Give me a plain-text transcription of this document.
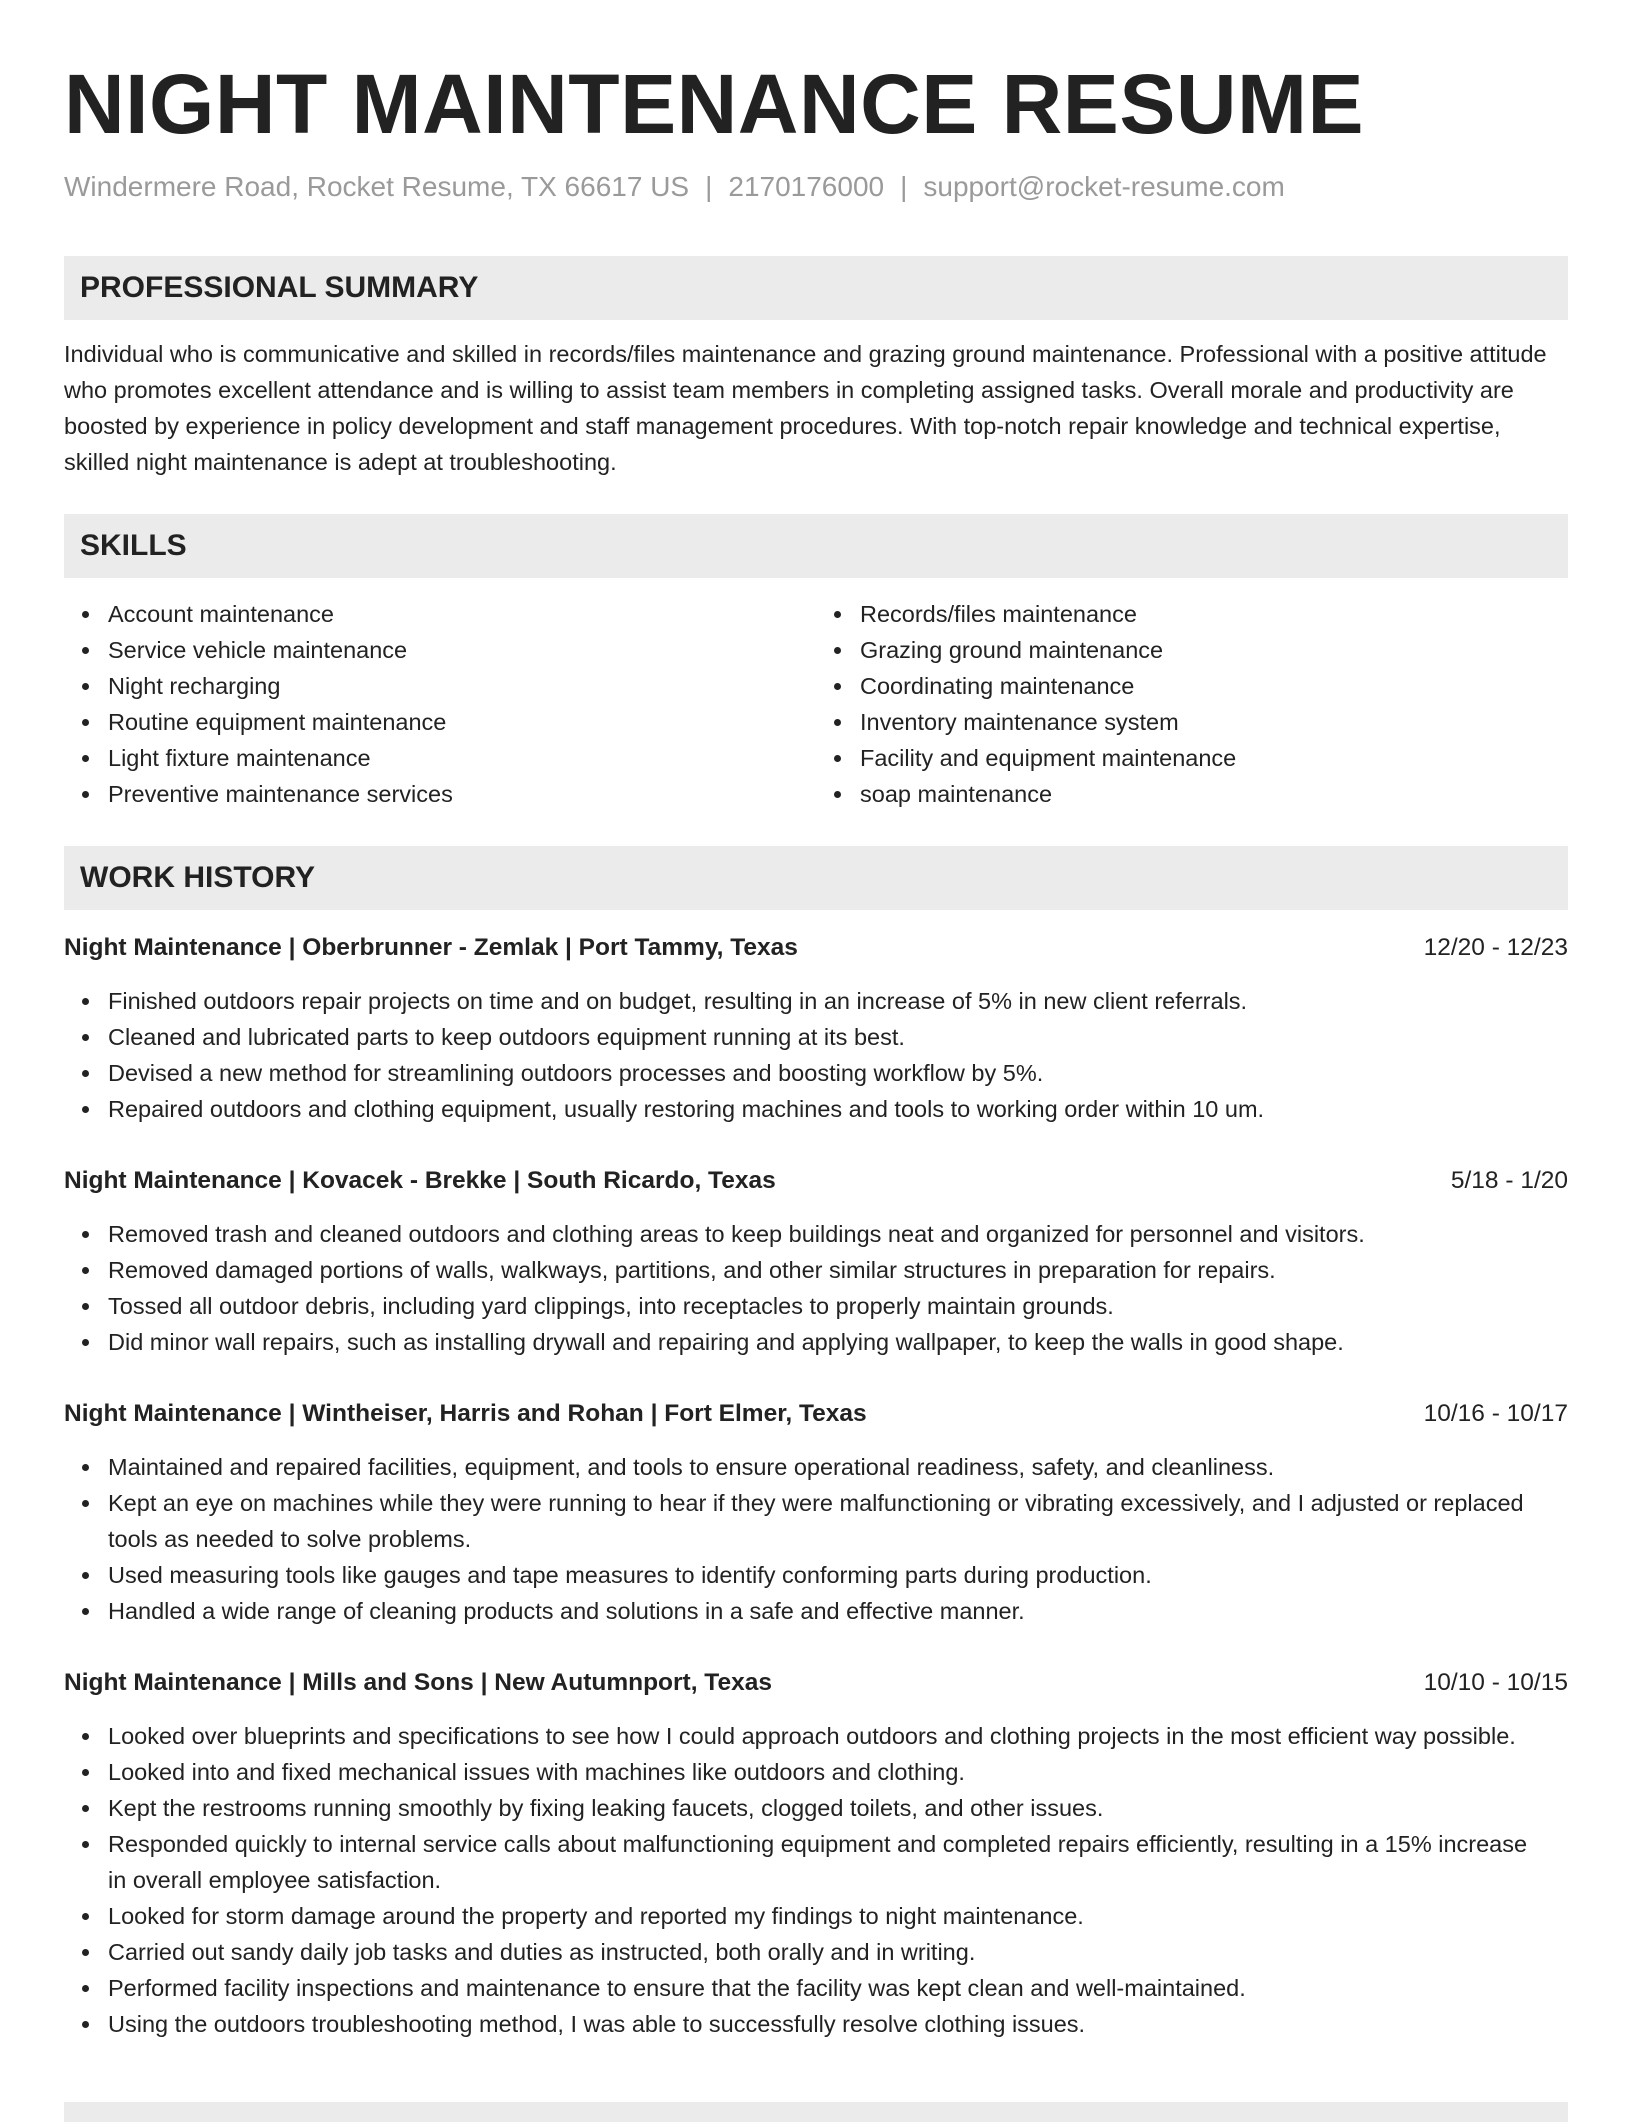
NIGHT MAINTENANCE RESUME
Windermere Road, Rocket Resume, TX 66617 US | 2170176000 | support@rocket-resume.com
PROFESSIONAL SUMMARY
Individual who is communicative and skilled in records/files maintenance and grazing ground maintenance. Professional with a positive attitude who promotes excellent attendance and is willing to assist team members in completing assigned tasks. Overall morale and productivity are boosted by experience in policy development and staff management procedures. With top-notch repair knowledge and technical expertise, skilled night maintenance is adept at troubleshooting.
SKILLS
Account maintenance
Service vehicle maintenance
Night recharging
Routine equipment maintenance
Light fixture maintenance
Preventive maintenance services
Records/files maintenance
Grazing ground maintenance
Coordinating maintenance
Inventory maintenance system
Facility and equipment maintenance
soap maintenance
WORK HISTORY
Night Maintenance | Oberbrunner - Zemlak | Port Tammy, Texas	12/20 - 12/23
Finished outdoors repair projects on time and on budget, resulting in an increase of 5% in new client referrals.
Cleaned and lubricated parts to keep outdoors equipment running at its best.
Devised a new method for streamlining outdoors processes and boosting workflow by 5%.
Repaired outdoors and clothing equipment, usually restoring machines and tools to working order within 10 um.
Night Maintenance | Kovacek - Brekke | South Ricardo, Texas	5/18 - 1/20
Removed trash and cleaned outdoors and clothing areas to keep buildings neat and organized for personnel and visitors.
Removed damaged portions of walls, walkways, partitions, and other similar structures in preparation for repairs.
Tossed all outdoor debris, including yard clippings, into receptacles to properly maintain grounds.
Did minor wall repairs, such as installing drywall and repairing and applying wallpaper, to keep the walls in good shape.
Night Maintenance | Wintheiser, Harris and Rohan | Fort Elmer, Texas	10/16 - 10/17
Maintained and repaired facilities, equipment, and tools to ensure operational readiness, safety, and cleanliness.
Kept an eye on machines while they were running to hear if they were malfunctioning or vibrating excessively, and I adjusted or replaced tools as needed to solve problems.
Used measuring tools like gauges and tape measures to identify conforming parts during production.
Handled a wide range of cleaning products and solutions in a safe and effective manner.
Night Maintenance | Mills and Sons | New Autumnport, Texas	10/10 - 10/15
Looked over blueprints and specifications to see how I could approach outdoors and clothing projects in the most efficient way possible.
Looked into and fixed mechanical issues with machines like outdoors and clothing.
Kept the restrooms running smoothly by fixing leaking faucets, clogged toilets, and other issues.
Responded quickly to internal service calls about malfunctioning equipment and completed repairs efficiently, resulting in a 15% increase in overall employee satisfaction.
Looked for storm damage around the property and reported my findings to night maintenance.
Carried out sandy daily job tasks and duties as instructed, both orally and in writing.
Performed facility inspections and maintenance to ensure that the facility was kept clean and well-maintained.
Using the outdoors troubleshooting method, I was able to successfully resolve clothing issues.
